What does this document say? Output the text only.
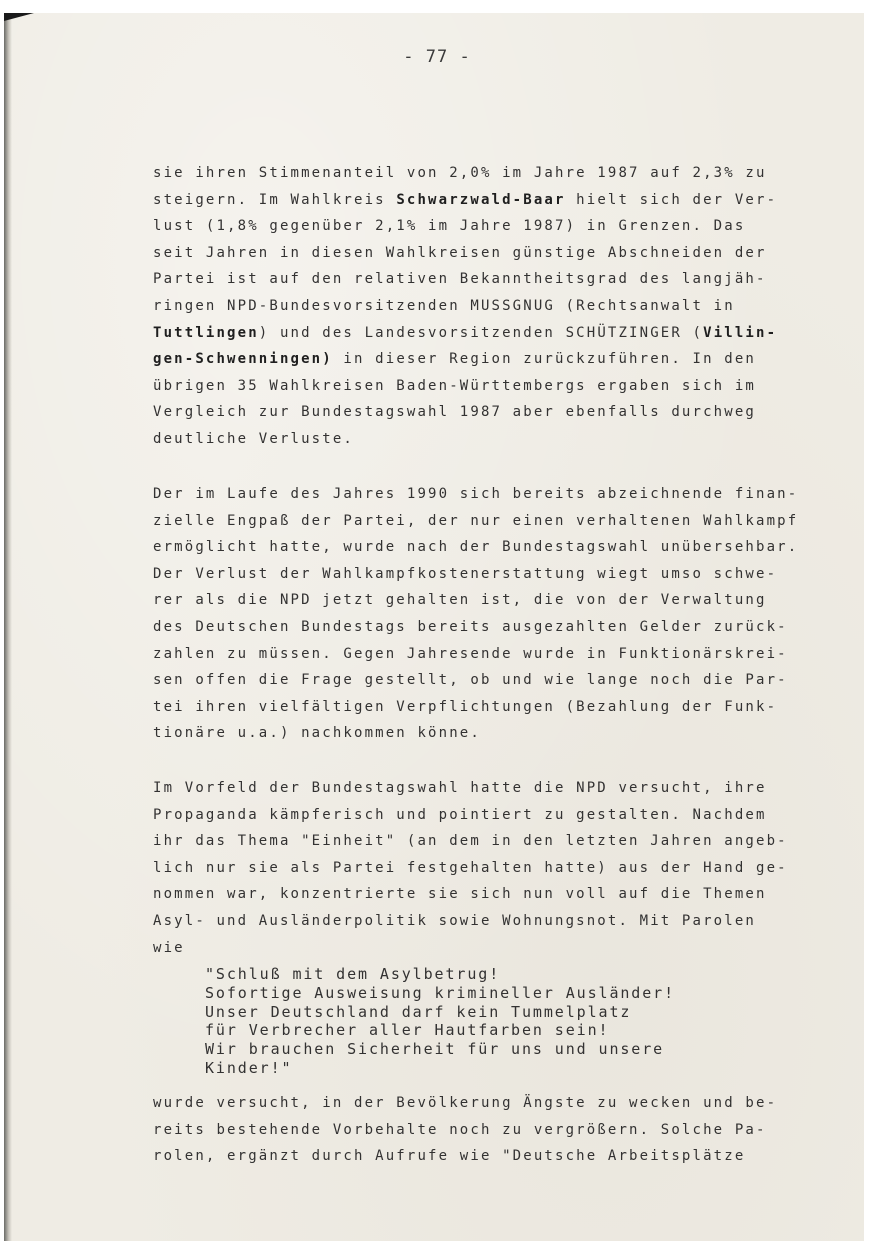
- 77 -
sie ihren Stimmenanteil von 2,0% im Jahre 1987 auf 2,3% zu
steigern. Im Wahlkreis Schwarzwald-Baar hielt sich der Ver-
lust (1,8% gegenüber 2,1% im Jahre 1987) in Grenzen. Das
seit Jahren in diesen Wahlkreisen günstige Abschneiden der
Partei ist auf den relativen Bekanntheitsgrad des langjäh-
ringen NPD-Bundesvorsitzenden MUSSGNUG (Rechtsanwalt in
Tuttlingen) und des Landesvorsitzenden SCHÜTZINGER (Villin-
gen-Schwenningen) in dieser Region zurückzuführen. In den
übrigen 35 Wahlkreisen Baden-Württembergs ergaben sich im
Vergleich zur Bundestagswahl 1987 aber ebenfalls durchweg
deutliche Verluste.
Der im Laufe des Jahres 1990 sich bereits abzeichnende finan-
zielle Engpaß der Partei, der nur einen verhaltenen Wahlkampf
ermöglicht hatte, wurde nach der Bundestagswahl unübersehbar.
Der Verlust der Wahlkampfkostenerstattung wiegt umso schwe-
rer als die NPD jetzt gehalten ist, die von der Verwaltung
des Deutschen Bundestags bereits ausgezahlten Gelder zurück-
zahlen zu müssen. Gegen Jahresende wurde in Funktionärskrei-
sen offen die Frage gestellt, ob und wie lange noch die Par-
tei ihren vielfältigen Verpflichtungen (Bezahlung der Funk-
tionäre u.a.) nachkommen könne.
Im Vorfeld der Bundestagswahl hatte die NPD versucht, ihre
Propaganda kämpferisch und pointiert zu gestalten. Nachdem
ihr das Thema "Einheit" (an dem in den letzten Jahren angeb-
lich nur sie als Partei festgehalten hatte) aus der Hand ge-
nommen war, konzentrierte sie sich nun voll auf die Themen
Asyl- und Ausländerpolitik sowie Wohnungsnot. Mit Parolen
wie
"Schluß mit dem Asylbetrug!
Sofortige Ausweisung krimineller Ausländer!
Unser Deutschland darf kein Tummelplatz
für Verbrecher aller Hautfarben sein!
Wir brauchen Sicherheit für uns und unsere
Kinder!"
wurde versucht, in der Bevölkerung Ängste zu wecken und be-
reits bestehende Vorbehalte noch zu vergrößern. Solche Pa-
rolen, ergänzt durch Aufrufe wie "Deutsche Arbeitsplätze
